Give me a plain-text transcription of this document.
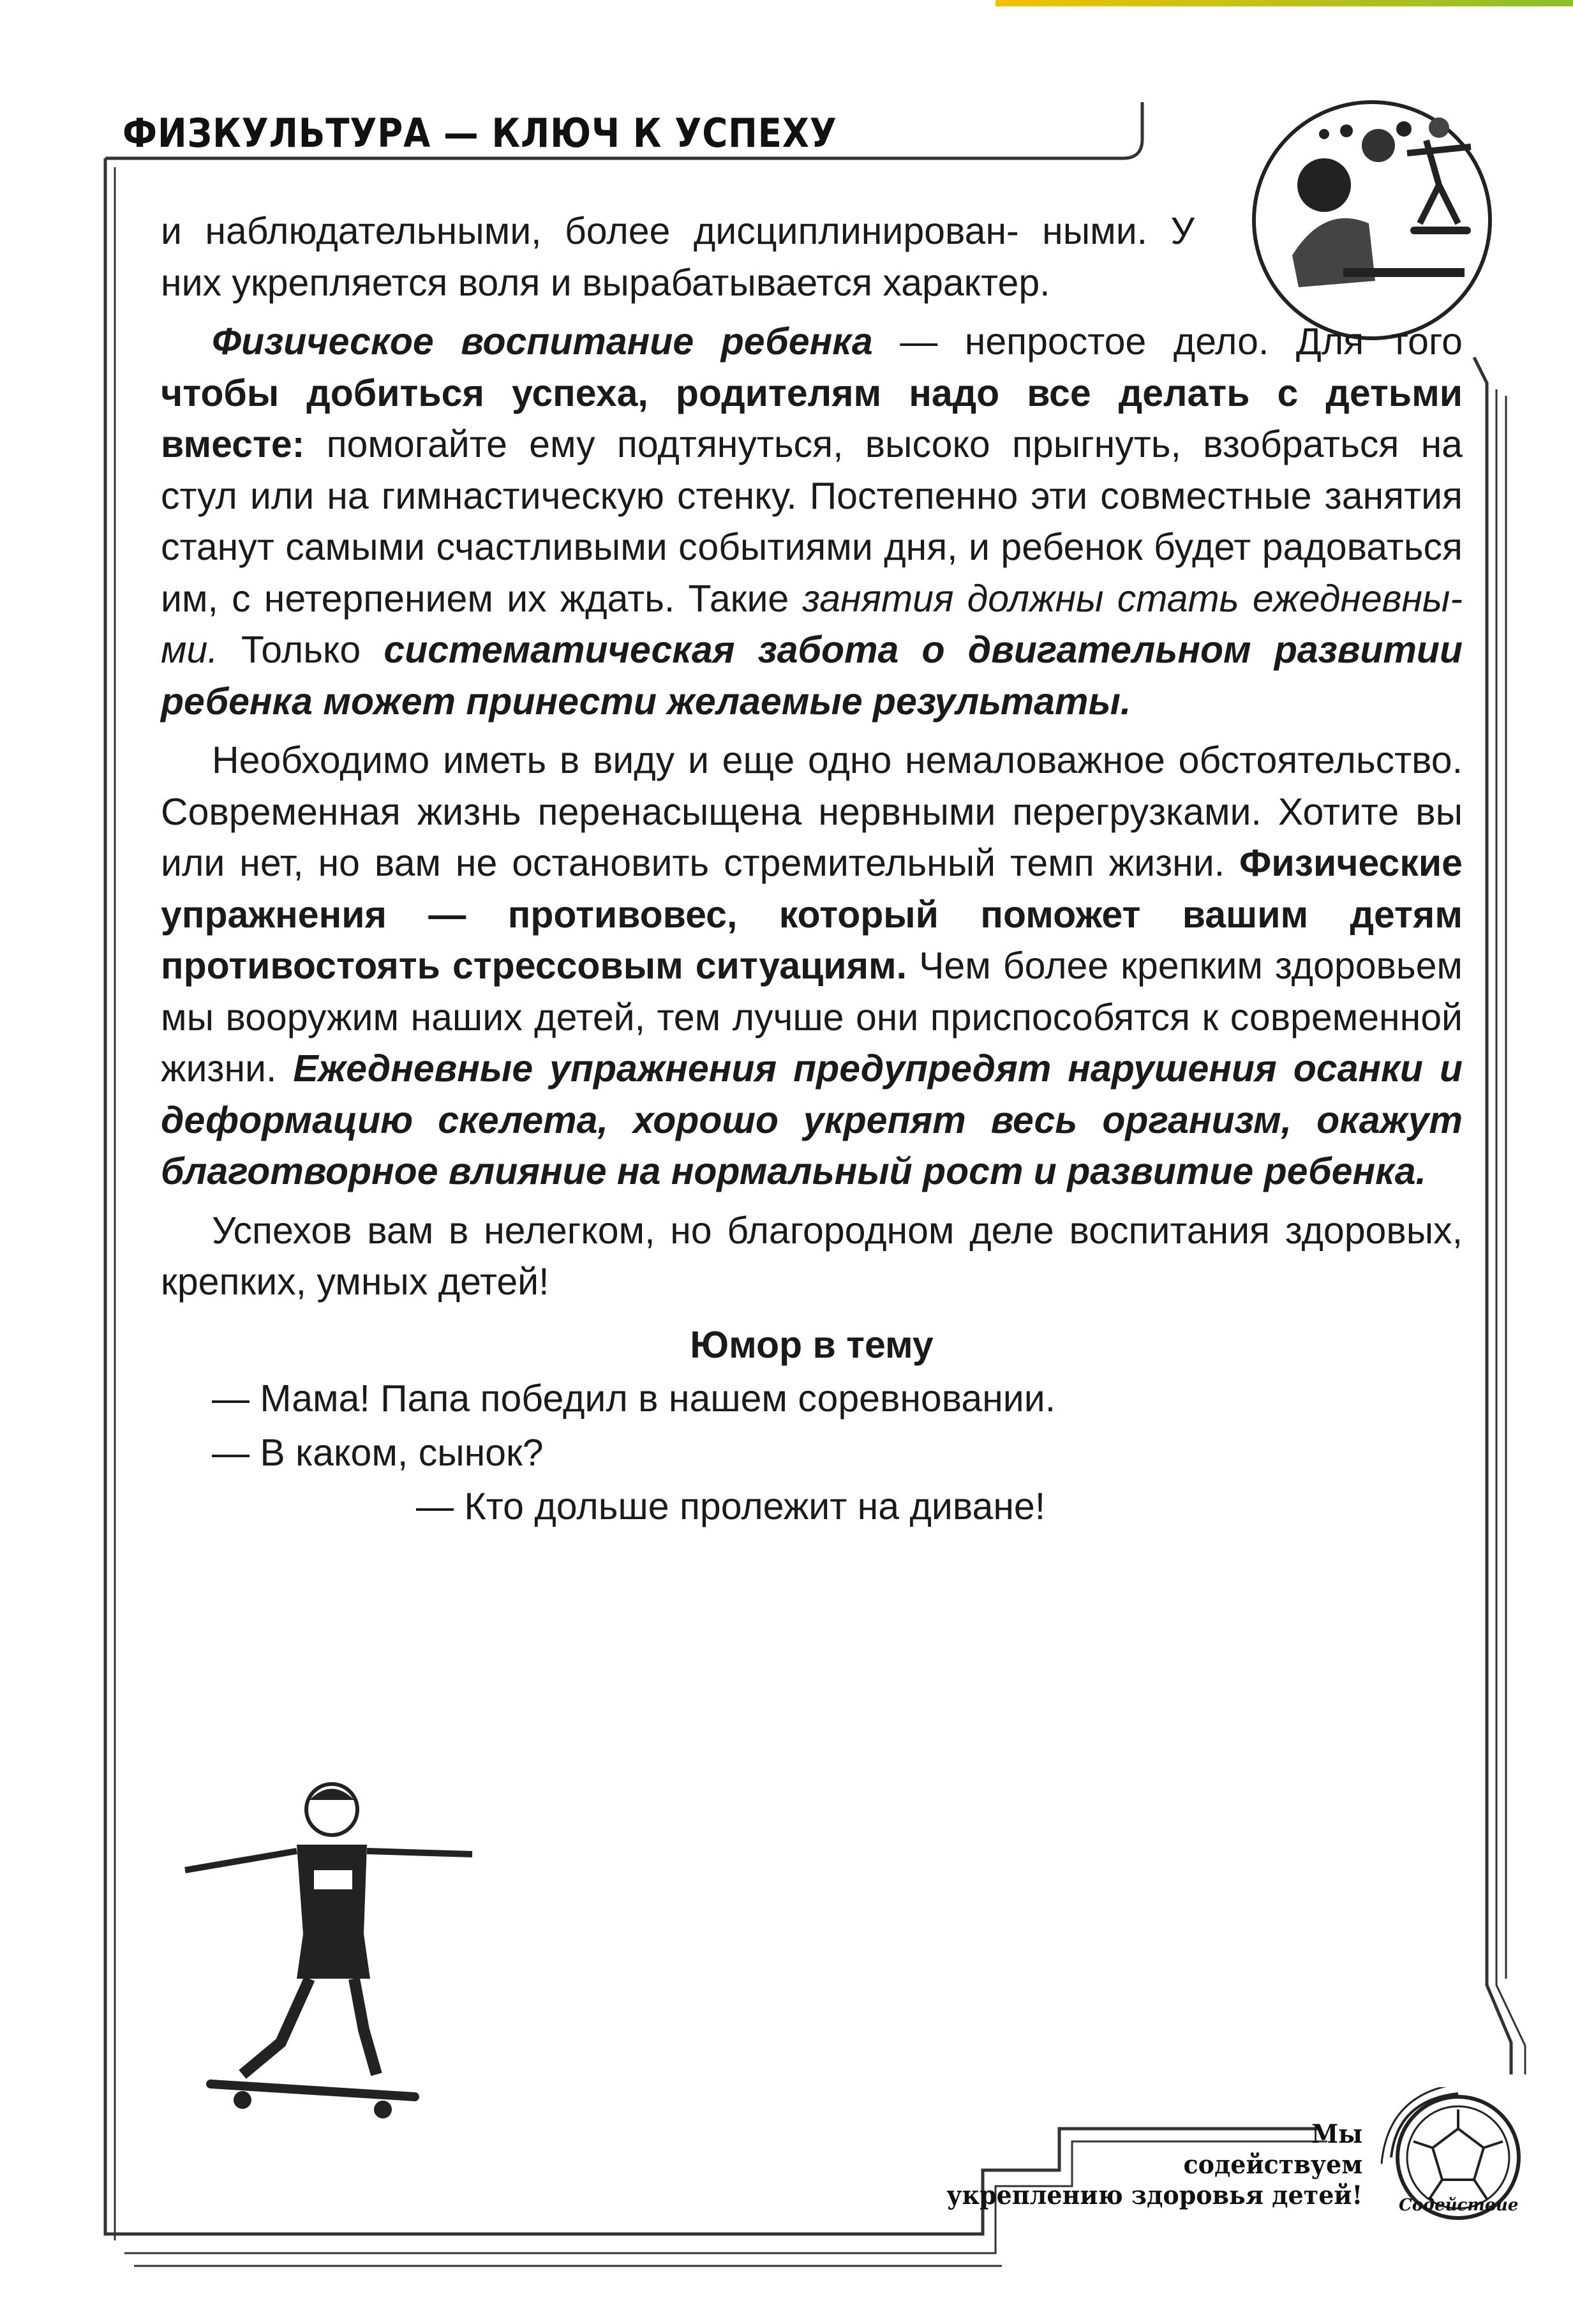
ФИЗКУЛЬТУРА — КЛЮЧ К УСПЕХУ

и наблюдательными, более дисциплинирован- ными. У них укрепляется воля и вырабатывается характер.

Физическое воспитание ребенка — непростое дело. Для того чтобы добиться успеха, родителям надо все делать с детьми вместе: помогайте ему подтянуться, высоко прыгнуть, взобраться на стул или на гимнастическую стенку. Постепенно эти совместные занятия станут самыми счастливыми событиями дня, и ребенок будет радоваться им, с нетерпением их ждать. Такие занятия должны стать ежедневными. Только систематическая забота о двигательном развитии ребенка может принести желаемые результаты.

Необходимо иметь в виду и еще одно немаловажное обстоятельство. Современная жизнь перенасыщена нервными перегрузками. Хотите вы или нет, но вам не остановить стремительный темп жизни. Физические упражнения — противовес, который поможет вашим детям противостоять стрессовым ситуациям. Чем более крепким здоровьем мы вооружим наших детей, тем лучше они приспособятся к современной жизни. Ежедневные упражнения предупредят нарушения осанки и деформацию скелета, хорошо укрепят весь организм, окажут благотворное влияние на нормальный рост и развитие ребенка.

Успехов вам в нелегком, но благородном деле воспитания здоровых, крепких, умных детей!

Юмор в тему

— Мама! Папа победил в нашем соревновании.

— В каком, сынок?

— Кто дольше пролежит на диване!

Мы
содействуем
укреплению здоровья детей! Содействие
